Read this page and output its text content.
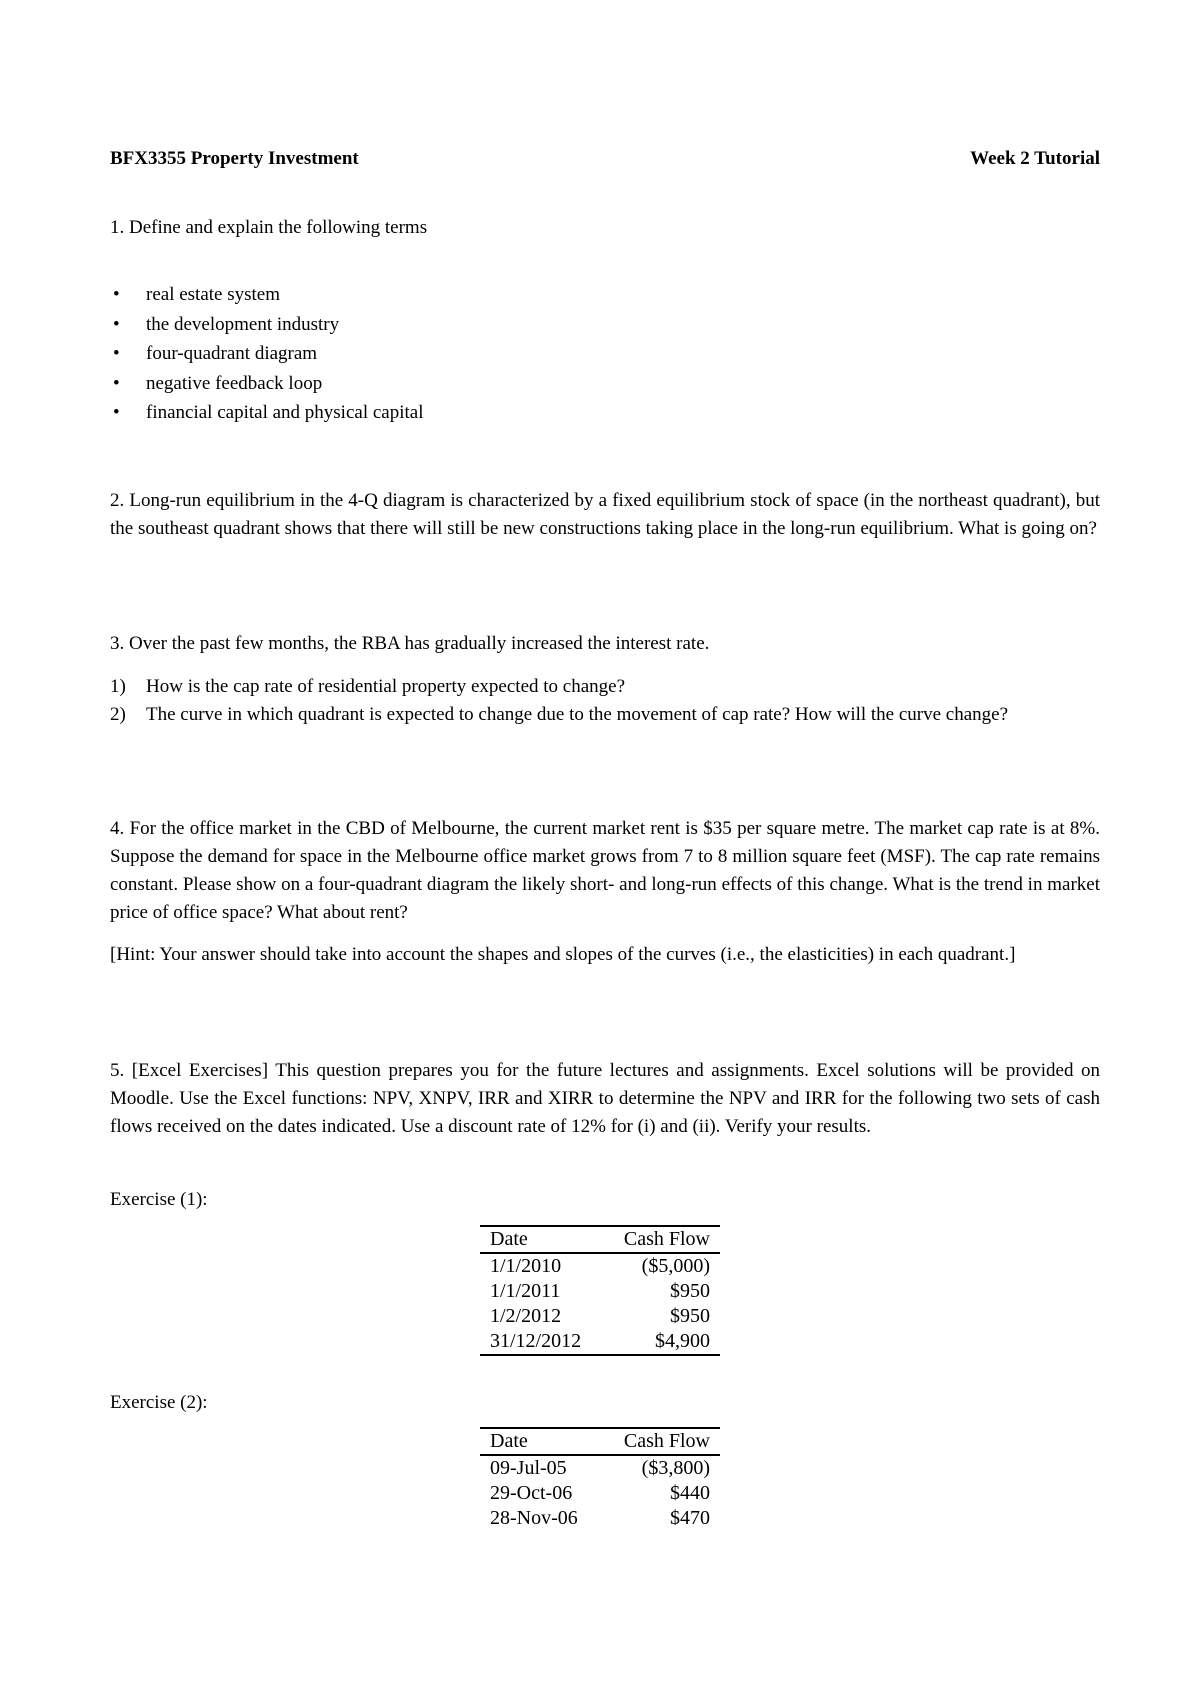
BFX3355 Property Investment	Week 2 Tutorial

1. Define and explain the following terms

• real estate system
• the development industry
• four-quadrant diagram
• negative feedback loop
• financial capital and physical capital

2. Long-run equilibrium in the 4-Q diagram is characterized by a fixed equilibrium stock of space (in the northeast quadrant), but the southeast quadrant shows that there will still be new constructions taking place in the long-run equilibrium. What is going on?

3. Over the past few months, the RBA has gradually increased the interest rate.

1) How is the cap rate of residential property expected to change?
2) The curve in which quadrant is expected to change due to the movement of cap rate? How will the curve change?

4. For the office market in the CBD of Melbourne, the current market rent is $35 per square metre. The market cap rate is at 8%. Suppose the demand for space in the Melbourne office market grows from 7 to 8 million square feet (MSF). The cap rate remains constant. Please show on a four-quadrant diagram the likely short- and long-run effects of this change. What is the trend in market price of office space? What about rent?

[Hint: Your answer should take into account the shapes and slopes of the curves (i.e., the elasticities) in each quadrant.]

5. [Excel Exercises] This question prepares you for the future lectures and assignments. Excel solutions will be provided on Moodle. Use the Excel functions: NPV, XNPV, IRR and XIRR to determine the NPV and IRR for the following two sets of cash flows received on the dates indicated. Use a discount rate of 12% for (i) and (ii). Verify your results.

Exercise (1):
Date	Cash Flow
1/1/2010	($5,000)
1/1/2011	$950
1/2/2012	$950
31/12/2012	$4,900
Exercise (2):
Date	Cash Flow
09-Jul-05	($3,800)
29-Oct-06	$440
28-Nov-06	$470
